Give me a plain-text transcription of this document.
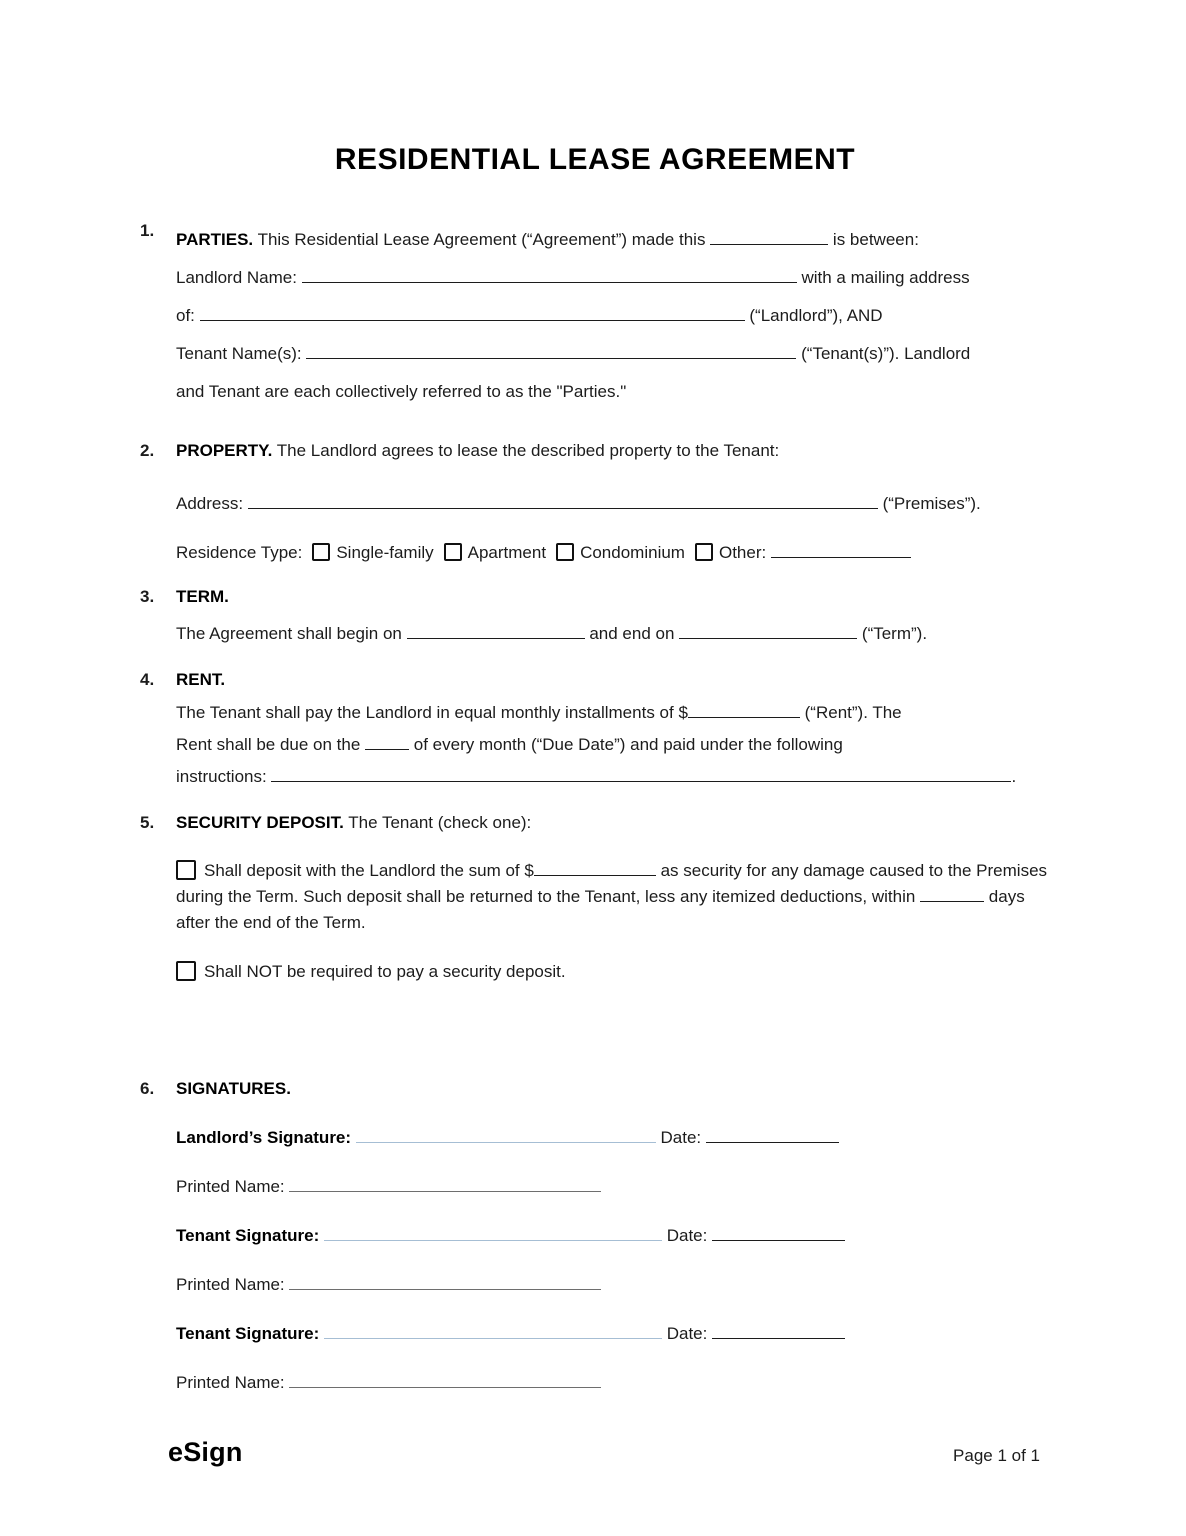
RESIDENTIAL LEASE AGREEMENT
1.	PARTIES. This Residential Lease Agreement (“Agreement”) made this	is between:

Landlord Name:	with a mailing address

of:	(“Landlord”), AND

Tenant Name(s):	(“Tenant(s)”). Landlord

and Tenant are each collectively referred to as the "Parties."

2.	PROPERTY. The Landlord agrees to lease the described property to the Tenant:

Address:	(“Premises”).

Residence Type: Single-family Apartment Condominium Other:

3.	TERM.

The Agreement shall begin on	and end on	(“Term”).

4.	RENT.

The Tenant shall pay the Landlord in equal monthly installments of $	(“Rent”). The
Rent shall be due on the	of every month (“Due Date”) and paid under the following
instructions:	.
5.	SECURITY DEPOSIT. The Tenant (check one):

Shall deposit with the Landlord the sum of $	as security for any damage caused to the Premises during the Term. Such deposit shall be returned to the Tenant, less any itemized deductions, within	days after the end of the Term.

Shall NOT be required to pay a security deposit.

6.	SIGNATURES.

Landlord’s Signature:	Date:

Printed Name:

Tenant Signature:	Date:

Printed Name:

Tenant Signature:	Date:

Printed Name:

eSign	Page 1 of 1
